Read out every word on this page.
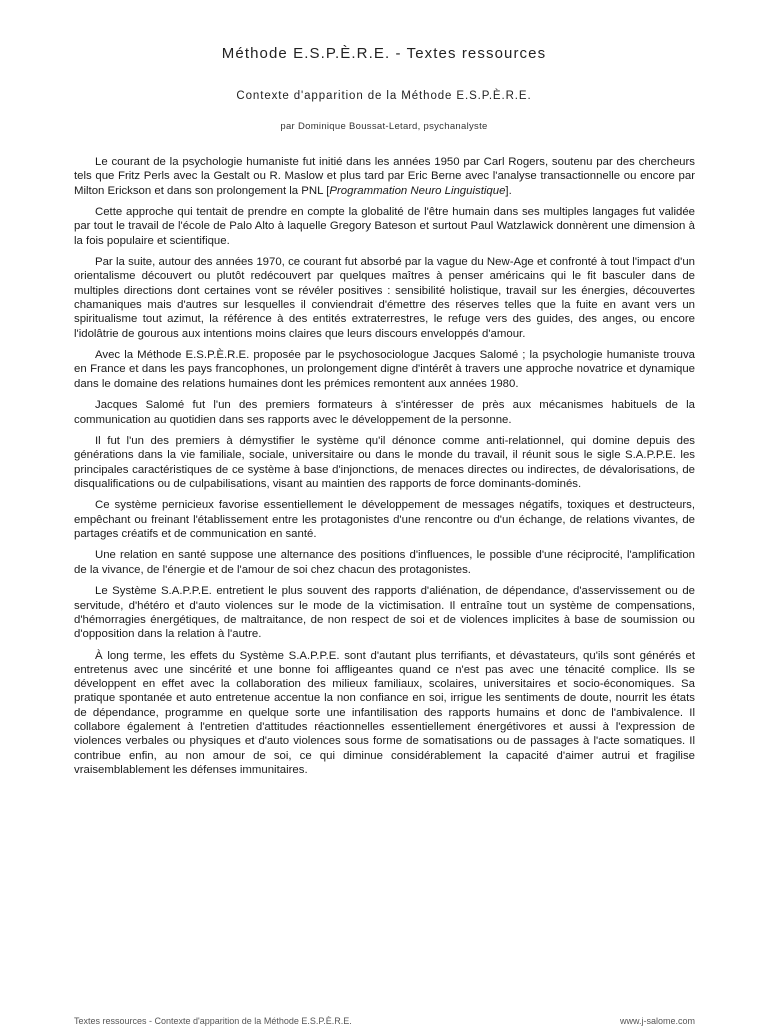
Méthode E.S.P.È.R.E. - Textes ressources
Contexte d'apparition de la Méthode E.S.P.È.R.E.
par Dominique Boussat-Letard, psychanalyste

Le courant de la psychologie humaniste fut initié dans les années 1950 par Carl Rogers, soutenu par des chercheurs tels que Fritz Perls avec la Gestalt ou R. Maslow et plus tard par Eric Berne avec l'analyse transactionnelle ou encore par Milton Erickson et dans son prolongement la PNL [Programmation Neuro Linguistique].

Cette approche qui tentait de prendre en compte la globalité de l'être humain dans ses multiples langages fut validée par tout le travail de l'école de Palo Alto à laquelle Gregory Bateson et surtout Paul Watzlawick donnèrent une dimension à la fois populaire et scientifique.

Par la suite, autour des années 1970, ce courant fut absorbé par la vague du New-Age et confronté à tout l'impact d'un orientalisme découvert ou plutôt redécouvert par quelques maîtres à penser américains qui le fit basculer dans de multiples directions dont certaines vont se révéler positives : sensibilité holistique, travail sur les énergies, découvertes chamaniques mais d'autres sur lesquelles il conviendrait d'émettre des réserves telles que la fuite en avant vers un spiritualisme tout azimut, la référence à des entités extraterrestres, le refuge vers des guides, des anges, ou encore l'idolâtrie de gourous aux intentions moins claires que leurs discours enveloppés d'amour.

Avec la Méthode E.S.P.È.R.E. proposée par le psychosociologue Jacques Salomé ; la psychologie humaniste trouva en France et dans les pays francophones, un prolongement digne d'intérêt à travers une approche novatrice et dynamique dans le domaine des relations humaines dont les prémices remontent aux années 1980.

Jacques Salomé fut l'un des premiers formateurs à s'intéresser de près aux mécanismes habituels de la communication au quotidien dans ses rapports avec le développement de la personne.

Il fut l'un des premiers à démystifier le système qu'il dénonce comme anti-relationnel, qui domine depuis des générations dans la vie familiale, sociale, universitaire ou dans le monde du travail, il réunit sous le sigle S.A.P.P.E. les principales caractéristiques de ce système à base d'injonctions, de menaces directes ou indirectes, de dévalorisations, de disqualifications ou de culpabilisations, visant au maintien des rapports de force dominants-dominés.

Ce système pernicieux favorise essentiellement le développement de messages négatifs, toxiques et destructeurs, empêchant ou freinant l'établissement entre les protagonistes d'une rencontre ou d'un échange, de relations vivantes, de partages créatifs et de communication en santé.

Une relation en santé suppose une alternance des positions d'influences, le possible d'une réciprocité, l'amplification de la vivance, de l'énergie et de l'amour de soi chez chacun des protagonistes.

Le Système S.A.P.P.E. entretient le plus souvent des rapports d'aliénation, de dépendance, d'asservissement ou de servitude, d'hétéro et d'auto violences sur le mode de la victimisation. Il entraîne tout un système de compensations, d'hémorragies énergétiques, de maltraitance, de non respect de soi et de violences implicites à base de soumission ou d'opposition dans la relation à l'autre.

À long terme, les effets du Système S.A.P.P.E. sont d'autant plus terrifiants, et dévastateurs, qu'ils sont générés et entretenus avec une sincérité et une bonne foi affligeantes quand ce n'est pas avec une ténacité complice. Ils se développent en effet avec la collaboration des milieux familiaux, scolaires, universitaires et socio-économiques. Sa pratique spontanée et auto entretenue accentue la non confiance en soi, irrigue les sentiments de doute, nourrit les états de dépendance, programme en quelque sorte une infantilisation des rapports humains et donc de l'ambivalence. Il collabore également à l'entretien d'attitudes réactionnelles essentiellement énergétivores et aussi à l'expression de violences verbales ou physiques et d'auto violences sous forme de somatisations ou de passages à l'acte somatiques. Il contribue enfin, au non amour de soi, ce qui diminue considérablement la capacité d'aimer autrui et fragilise vraisemblablement les défenses immunitaires.

Textes ressources - Contexte d'apparition de la Méthode E.S.P.È.R.E.	www.j-salome.com
